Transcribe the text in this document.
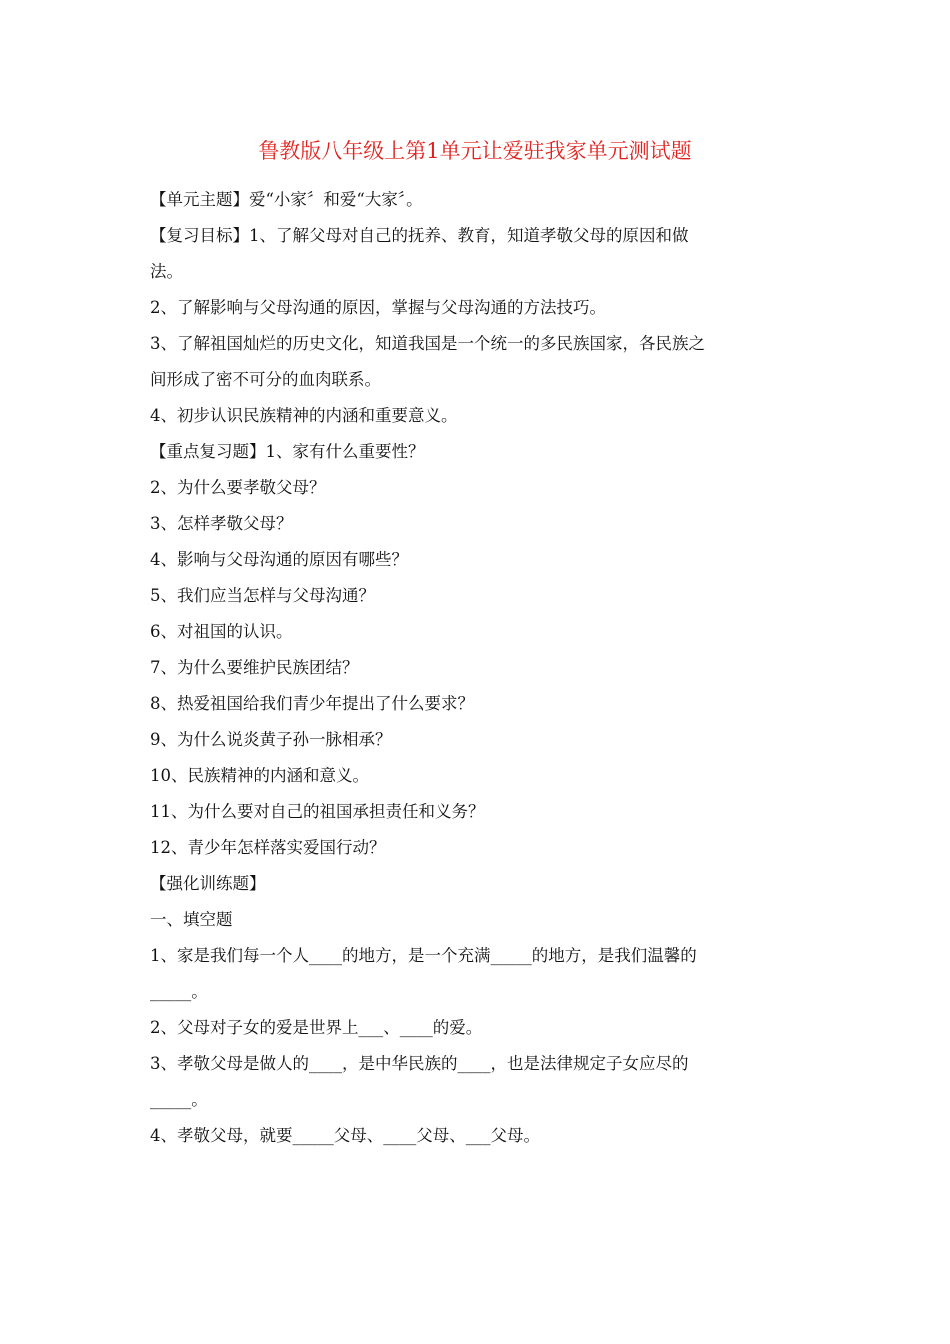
鲁教版八年级上第1单元让爱驻我家单元测试题
【单元主题】爱“小家〞和爱“大家〞。
【复习目标】1、了解父母对自己的抚养、教育，知道孝敬父母的原因和做
法。
2、了解影响与父母沟通的原因，掌握与父母沟通的方法技巧。
3、了解祖国灿烂的历史文化，知道我国是一个统一的多民族国家，各民族之
间形成了密不可分的血肉联系。
4、初步认识民族精神的内涵和重要意义。
【重点复习题】1、家有什么重要性？
2、为什么要孝敬父母？
3、怎样孝敬父母？
4、影响与父母沟通的原因有哪些？
5、我们应当怎样与父母沟通？
6、对祖国的认识。
7、为什么要维护民族团结？
8、热爱祖国给我们青少年提出了什么要求？
9、为什么说炎黄子孙一脉相承？
10、民族精神的内涵和意义。
11、为什么要对自己的祖国承担责任和义务？
12、青少年怎样落实爱国行动？
【强化训练题】
一、填空题
1、家是我们每一个人____的地方，是一个充满_____的地方，是我们温馨的
_____。
2、父母对子女的爱是世界上___、____的爱。
3、孝敬父母是做人的____，是中华民族的____，也是法律规定子女应尽的
_____。
4、孝敬父母，就要_____父母、____父母、___父母。
